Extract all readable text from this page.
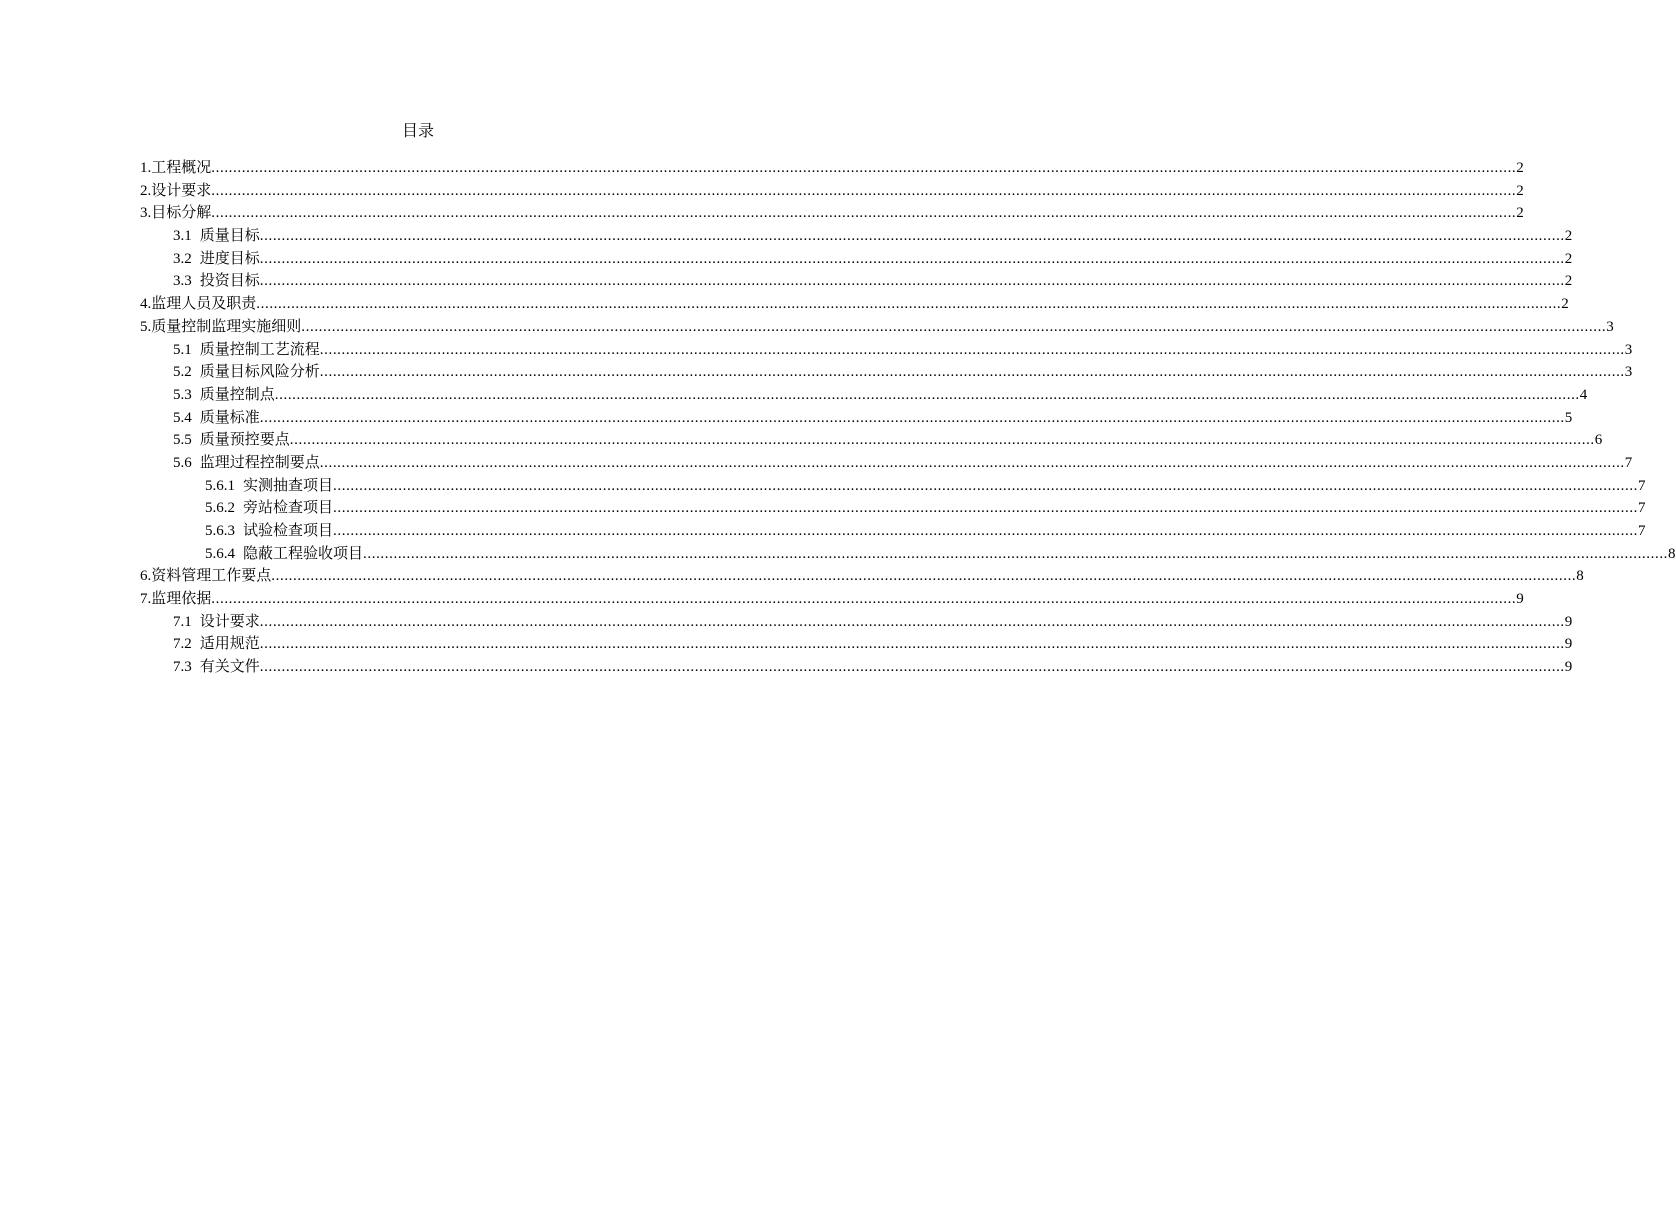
目录
1. 工程概况 ............................................................................................................................................................................................................................................................................................................ 2
2. 设计要求 ............................................................................................................................................................................................................................................................................................................ 2
3. 目标分解 ............................................................................................................................................................................................................................................................................................................ 2
3.1 质量目标 ............................................................................................................................................................................................................................................................................................................ 2
3.2 进度目标 ............................................................................................................................................................................................................................................................................................................ 2
3.3 投资目标 ............................................................................................................................................................................................................................................................................................................ 2
4. 监理人员及职责 ............................................................................................................................................................................................................................................................................................................ 2
5. 质量控制监理实施细则 ............................................................................................................................................................................................................................................................................................................ 3
5.1 质量控制工艺流程 ............................................................................................................................................................................................................................................................................................................ 3
5.2 质量目标风险分析 ............................................................................................................................................................................................................................................................................................................ 3
5.3 质量控制点 ............................................................................................................................................................................................................................................................................................................ 4
5.4 质量标准 ............................................................................................................................................................................................................................................................................................................ 5
5.5 质量预控要点 ............................................................................................................................................................................................................................................................................................................ 6
5.6 监理过程控制要点 ............................................................................................................................................................................................................................................................................................................ 7
5.6.1 实测抽查项目 ............................................................................................................................................................................................................................................................................................................ 7
5.6.2 旁站检查项目 ............................................................................................................................................................................................................................................................................................................ 7
5.6.3 试验检查项目 ............................................................................................................................................................................................................................................................................................................ 7
5.6.4 隐蔽工程验收项目 ............................................................................................................................................................................................................................................................................................................ 8
6. 资料管理工作要点 ............................................................................................................................................................................................................................................................................................................ 8
7. 监理依据 ............................................................................................................................................................................................................................................................................................................ 9
7.1 设计要求 ............................................................................................................................................................................................................................................................................................................ 9
7.2 适用规范 ............................................................................................................................................................................................................................................................................................................ 9
7.3 有关文件 ............................................................................................................................................................................................................................................................................................................ 9
